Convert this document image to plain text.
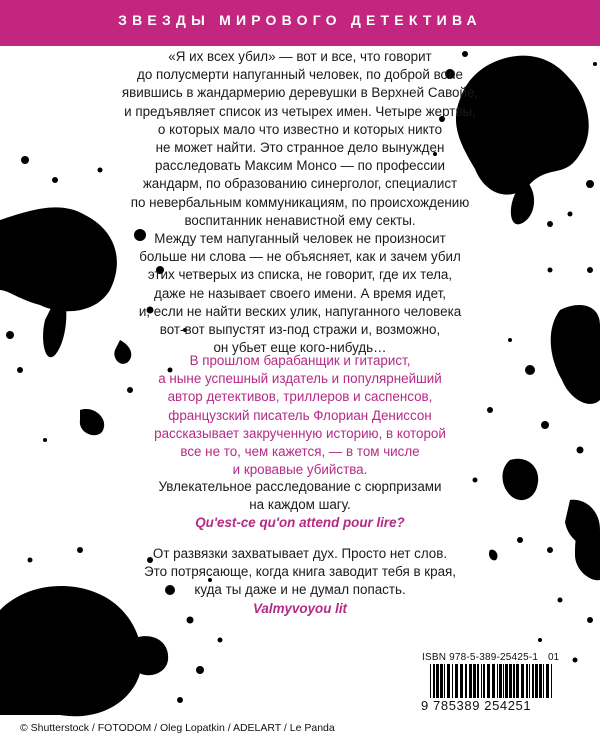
ЗВЕЗДЫ МИРОВОГО ДЕТЕКТИВА

«Я их всех убил» — вот и все, что говорит

до полусмерти напуганный человек, по доброй воле

явившись в жандармерию деревушки в Верхней Савойе,

и предъявляет список из четырех имен. Четыре жертвы,

о которых мало что известно и которых никто

не может найти. Это странное дело вынужден

расследовать Максим Монсо — по профессии

жандарм, по образованию синерголог, специалист

по невербальным коммуникациям, по происхождению

воспитанник ненавистной ему секты.

Между тем напуганный человек не произносит

больше ни слова — не объясняет, как и зачем убил

этих четверых из списка, не говорит, где их тела,

даже не называет своего имени. А время идет,

и, если не найти веских улик, напуганного человека

вот-вот выпустят из-под стражи и, возможно,

он убьет еще кого-нибудь…

В прошлом барабанщик и гитарист,

а ныне успешный издатель и популярнейший

автор детективов, триллеров и саспенсов,

французский писатель Флориан Дениссон

рассказывает закрученную историю, в которой

все не то, чем кажется, — в том числе

и кровавые убийства.

Увлекательное расследование с сюрпризами

на каждом шагу.

Qu'est-ce qu'on attend pour lire?

От развязки захватывает дух. Просто нет слов.

Это потрясающе, когда книга заводит тебя в края,

куда ты даже и не думал попасть.

Valmyvoyou lit

ISBN 978-5-389-25425-1 01
9 785389 254251
© Shutterstock / FOTODOM / Oleg Lopatkin / ADELART / Le Panda
